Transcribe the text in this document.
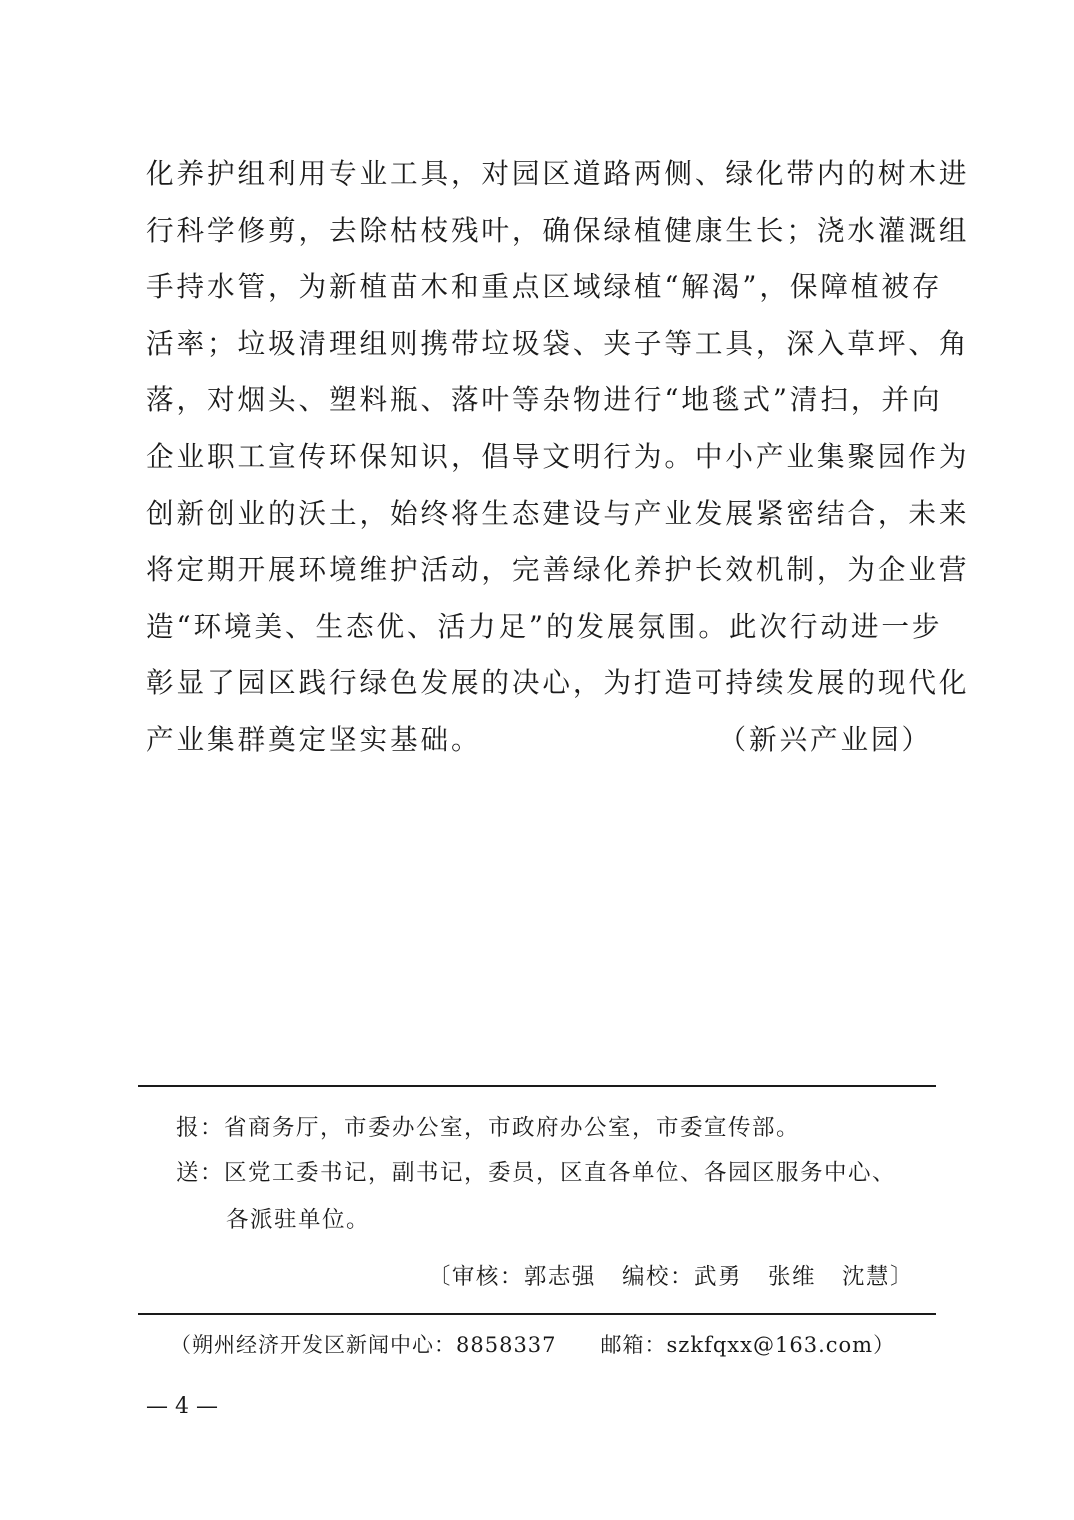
化养护组利用专业工具，对园区道路两侧、绿化带内的树木进
行科学修剪，去除枯枝残叶，确保绿植健康生长；浇水灌溉组
手持水管，为新植苗木和重点区域绿植“解渴”，保障植被存
活率；垃圾清理组则携带垃圾袋、夹子等工具，深入草坪、角
落，对烟头、塑料瓶、落叶等杂物进行“地毯式”清扫，并向
企业职工宣传环保知识，倡导文明行为。中小产业集聚园作为
创新创业的沃土，始终将生态建设与产业发展紧密结合，未来
将定期开展环境维护活动，完善绿化养护长效机制，为企业营
造“环境美、生态优、活力足”的发展氛围。此次行动进一步
彰显了园区践行绿色发展的决心，为打造可持续发展的现代化
产业集群奠定坚实基础。	（新兴产业园）
报：省商务厅，市委办公室，市政府办公室，市委宣传部。
送：区党工委书记，副书记，委员，区直各单位、各园区服务中心、
各派驻单位。
〔审核：郭志强 编校：武勇 张维 沈慧〕
（朔州经济开发区新闻中心：8858337 邮箱：szkfqxx@163.com）
— 4 —
